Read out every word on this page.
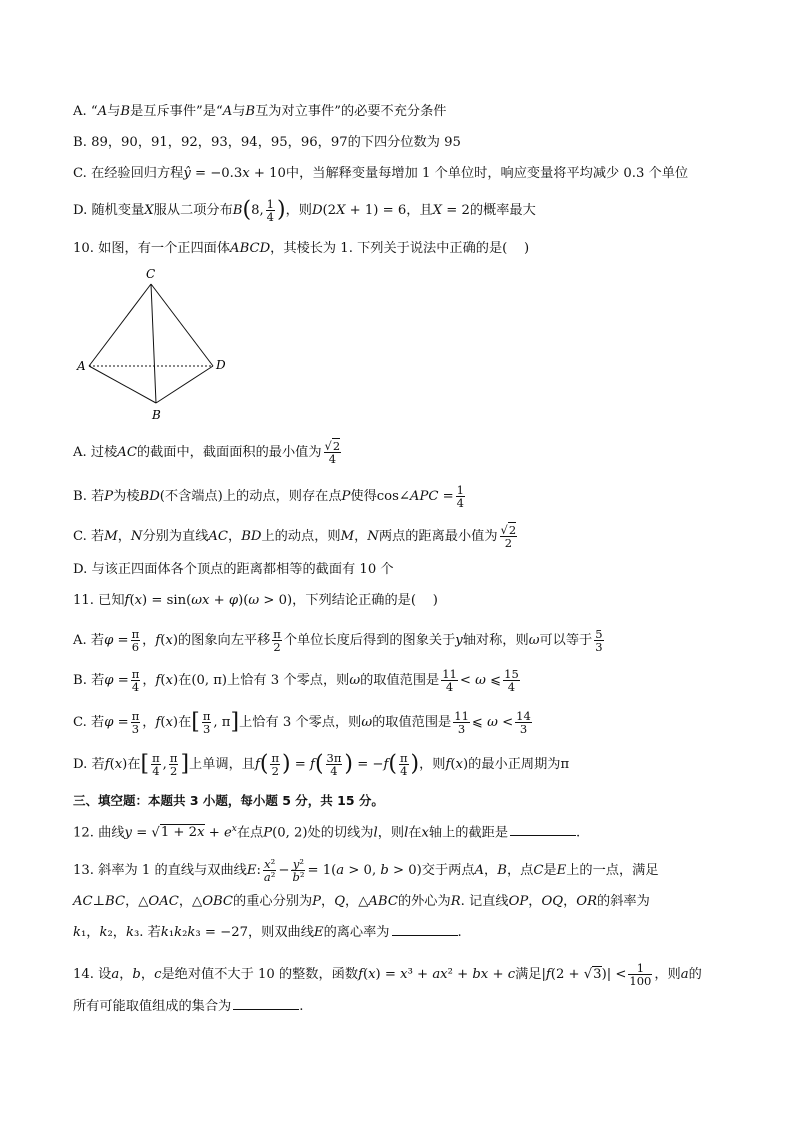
A. “A与B是互斥事件”是“A与B互为对立事件”的必要不充分条件
B. 89，90，91，92，93，94，95，96，97的下四分位数为 95
C. 在经验回归方程ŷ = −0.3x + 10中，当解释变量每增加 1 个单位时，响应变量将平均减少 0.3 个单位
D. 随机变量X服从二项分布B(8, $\frac{1}{4}$ )，则D(2X + 1) = 6，且X = 2的概率最大
10. 如图，有一个正四面体ABCD，其棱长为 1. 下列关于说法中正确的是(    )
C
A	D
B
A. 过棱AC的截面中，截面面积的最小值为 $\frac{√2}{4}$
B. 若P为棱BD(不含端点)上的动点，则存在点P使得cos∠APC = $\frac{1}{4}$
C. 若M，N分别为直线AC，BD上的动点，则M，N两点的距离最小值为 $\frac{√2}{2}$
D. 与该正四面体各个顶点的距离都相等的截面有 10 个
11. 已知f(x) = sin(ωx + φ)(ω > 0)，下列结论正确的是(    )
A. 若$\varphi = \frac{\pi}{6}$ ，f(x)的图象向左平移 $\frac{\pi}{2}$ 个单位长度后得到的图象关于y轴对称，则ω可以等于 $\frac{5}{3}$
B. 若$\varphi = \frac{\pi}{4}$ ，f(x)在(0, π)上恰有 3 个零点，则ω的取值范围是 $\frac{11}{4} < \omega$ ⩽ $\frac{15}{4}$
C. 若$\varphi = \frac{\pi}{3}$ ，f(x)在[ $\frac{\pi}{3}$ , π]上恰有 3 个零点，则ω的取值范围是 $\frac{11}{3}$ ⩽ $\omega < \frac{14}{3}$
D. 若f(x)在[ $\frac{\pi}{4}$ , $\frac{\pi}{2}$ ]上单调，且$f( \frac{\pi}{2}$ ) = $f( \frac{3\pi}{4}$ ) = $-f( \frac{\pi}{4}$ )，则f(x)的最小正周期为π
三、填空题：本题共 3 小题，每小题 5 分，共 15 分。
12. 曲线$y = √1 + 2x + e^x$在点P(0, 2)处的切线为l，则l在x轴上的截距是	.
13. 斜率为 1 的直线与双曲线E: $\frac{\text{x²}}{\text{a²}} - \frac{\text{y²}}{\text{b²}} = 1(a > 0$, b > 0)交于两点A，B，点C是E上的一点，满足
AC⊥BC，△OAC，△OBC的重心分别为P，Q，△ABC的外心为R. 记直线OP，OQ，OR的斜率为
k₁，k₂，k₃. 若k₁k₂k₃ = −27，则双曲线E的离心率为	.
14. 设a，b，c是绝对值不大于 10 的整数，函数f(x) = x³ + ax² + bx + c满足$|f(2 + √3)| < \frac{1}{100}$ ，则a的
所有可能取值组成的集合为	.
